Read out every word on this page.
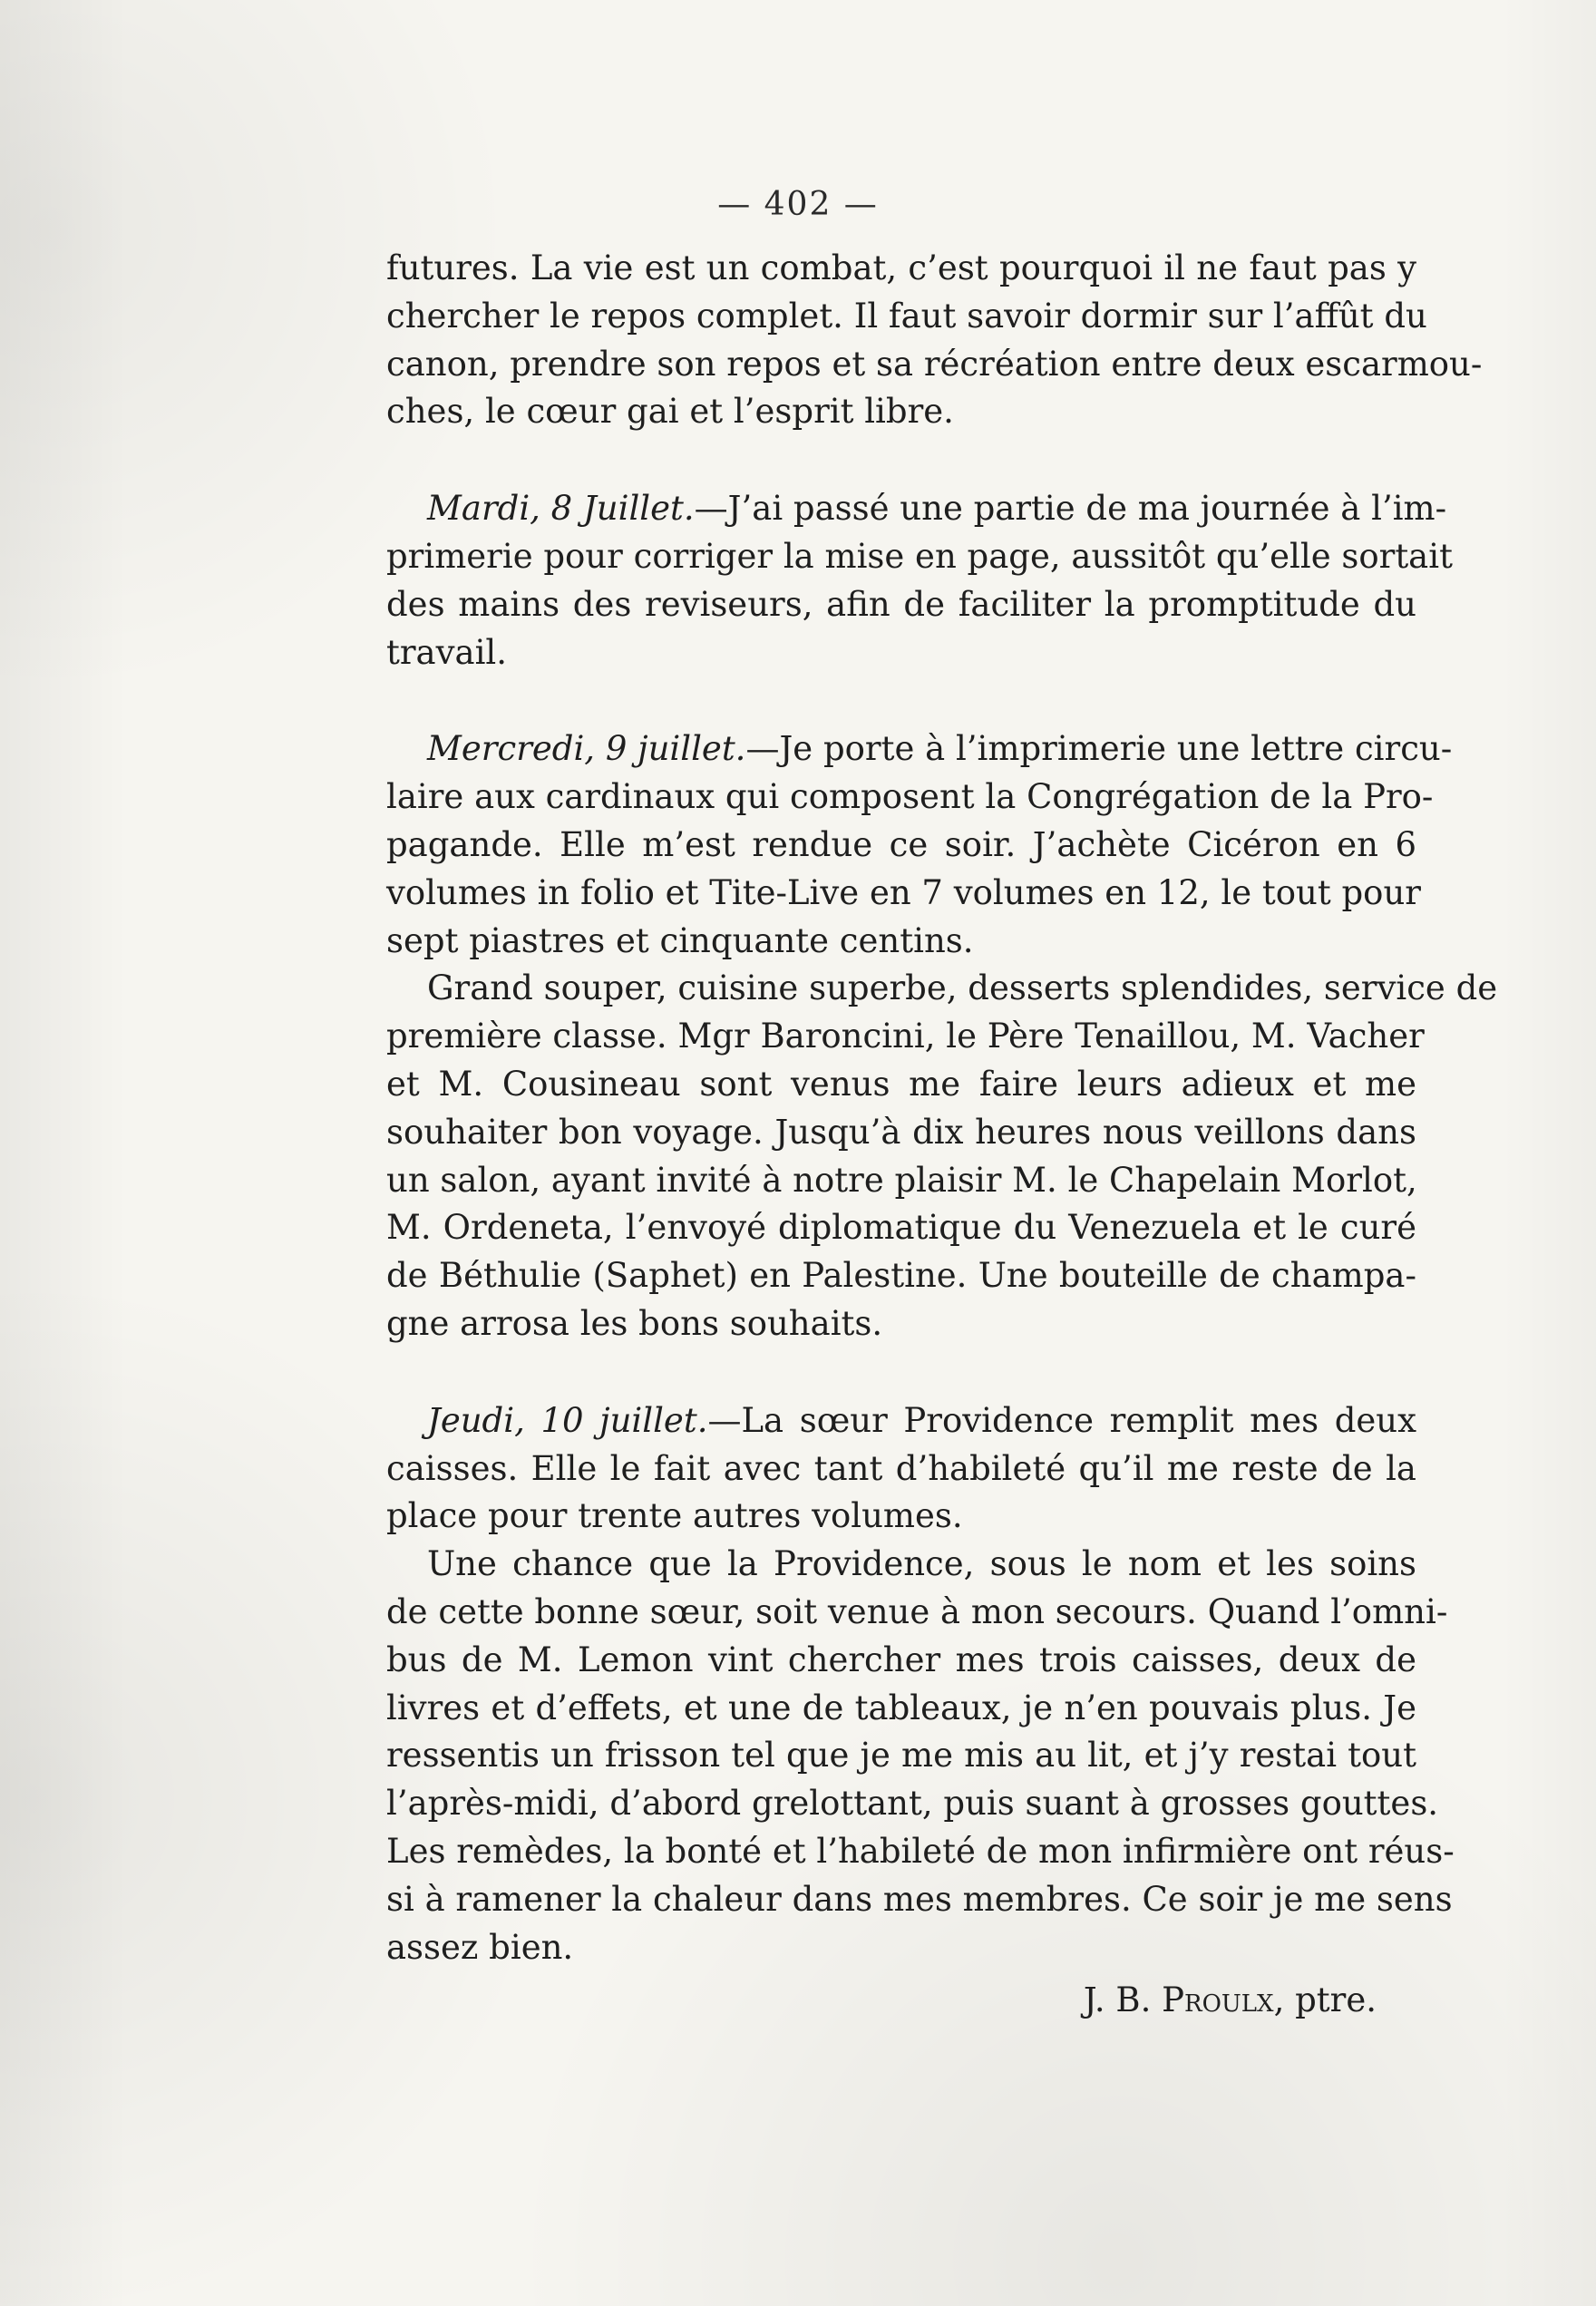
— 402 —
futures. La vie est un combat, c’est pourquoi il ne faut pas y
chercher le repos complet. Il faut savoir dormir sur l’affût du
canon, prendre son repos et sa récréation entre deux escarmou-
ches, le cœur gai et l’esprit libre.
Mardi, 8 Juillet.—J’ai passé une partie de ma journée à l’im-
primerie pour corriger la mise en page, aussitôt qu’elle sortait
des mains des reviseurs, afin de faciliter la promptitude du
travail.
Mercredi, 9 juillet.—Je porte à l’imprimerie une lettre circu-
laire aux cardinaux qui composent la Congrégation de la Pro-
pagande. Elle m’est rendue ce soir. J’achète Cicéron en 6
volumes in folio et Tite-Live en 7 volumes en 12, le tout pour
sept piastres et cinquante centins.
Grand souper, cuisine superbe, desserts splendides, service de
première classe. Mgr Baroncini, le Père Tenaillou, M. Vacher
et M. Cousineau sont venus me faire leurs adieux et me
souhaiter bon voyage. Jusqu’à dix heures nous veillons dans
un salon, ayant invité à notre plaisir M. le Chapelain Morlot,
M. Ordeneta, l’envoyé diplomatique du Venezuela et le curé
de Béthulie (Saphet) en Palestine. Une bouteille de champa-
gne arrosa les bons souhaits.
Jeudi, 10 juillet.—La sœur Providence remplit mes deux
caisses. Elle le fait avec tant d’habileté qu’il me reste de la
place pour trente autres volumes.
Une chance que la Providence, sous le nom et les soins
de cette bonne sœur, soit venue à mon secours. Quand l’omni-
bus de M. Lemon vint chercher mes trois caisses, deux de
livres et d’effets, et une de tableaux, je n’en pouvais plus. Je
ressentis un frisson tel que je me mis au lit, et j’y restai tout
l’après-midi, d’abord grelottant, puis suant à grosses gouttes.
Les remèdes, la bonté et l’habileté de mon infirmière ont réus-
si à ramener la chaleur dans mes membres. Ce soir je me sens
assez bien.
J. B. Proulx, ptre.
